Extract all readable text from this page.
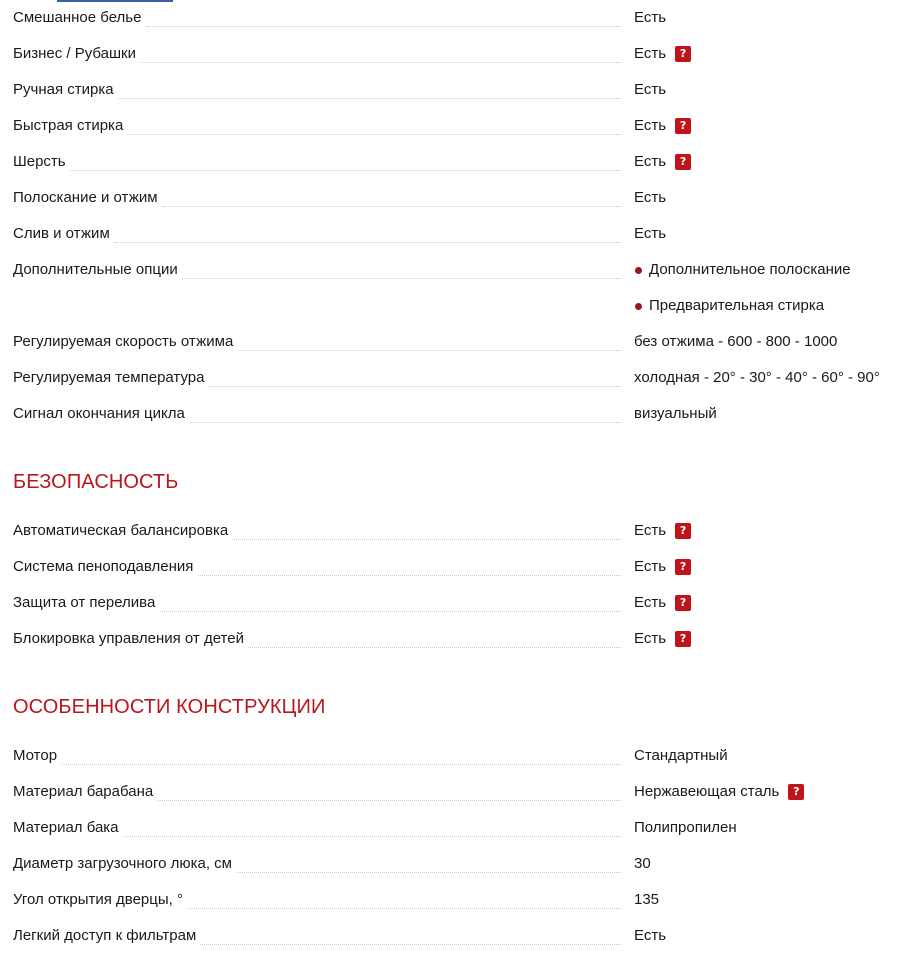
Смешанное белье	Есть
Бизнес / Рубашки	Есть	?
Ручная стирка	Есть
Быстрая стирка	Есть	?
Шерсть	Есть	?
Полоскание и отжим	Есть
Слив и отжим	Есть
Дополнительные опции	Дополнительное полоскание
Предварительная стирка
Регулируемая скорость отжима	без отжима - 600 - 800 - 1000
Регулируемая температура	холодная - 20° - 30° - 40° - 60° - 90°
Сигнал окончания цикла	визуальный
БЕЗОПАСНОСТЬ
Автоматическая балансировка	Есть	?
Система пеноподавления	Есть	?
Защита от перелива	Есть	?
Блокировка управления от детей	Есть	?
ОСОБЕННОСТИ КОНСТРУКЦИИ
Мотор	Стандартный
Материал барабана	Нержавеющая сталь	?
Материал бака	Полипропилен
Диаметр загрузочного люка, см	30
Угол открытия дверцы, °	135
Легкий доступ к фильтрам	Есть
